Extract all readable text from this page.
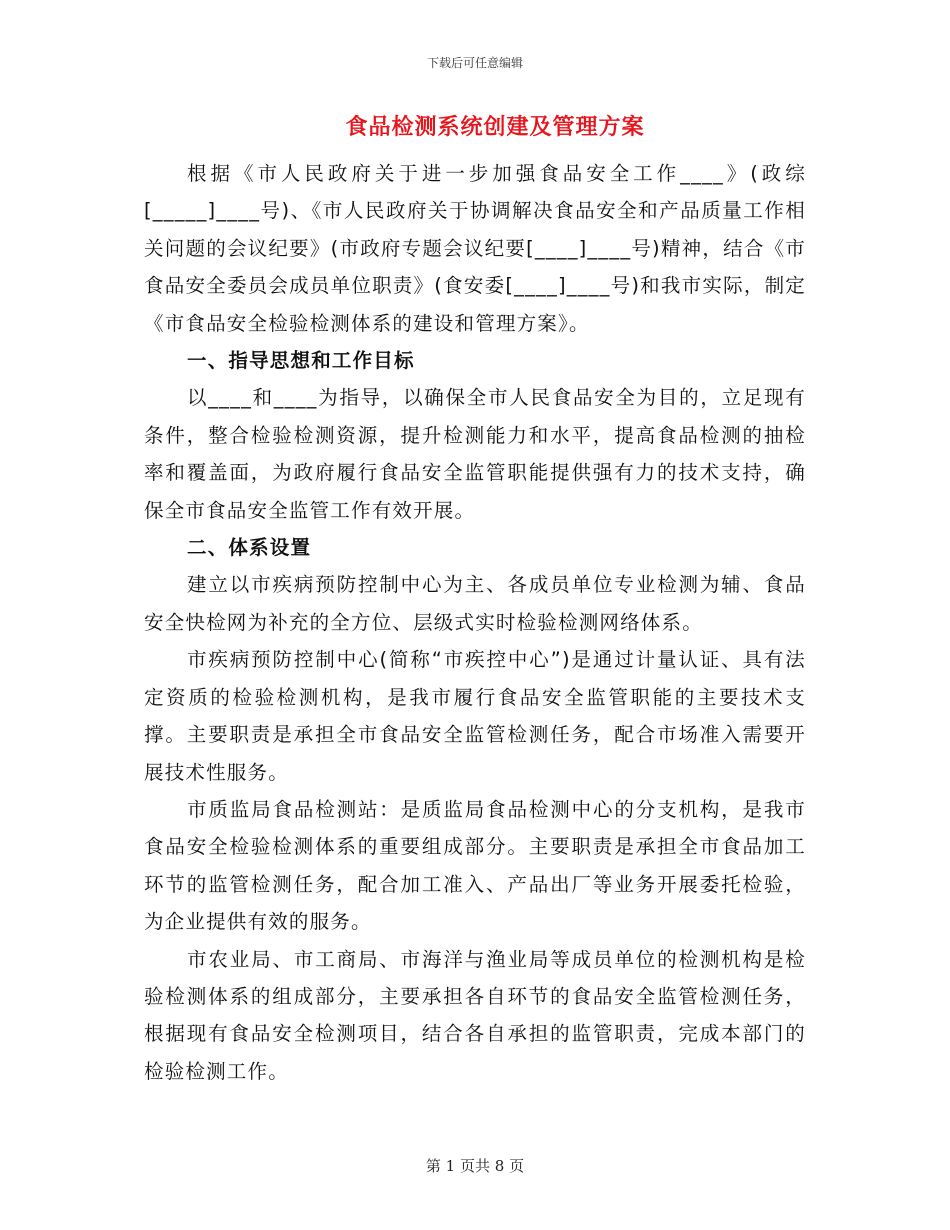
下载后可任意编辑
食品检测系统创建及管理方案

根据《市人民政府关于进一步加强食品安全工作____》(政综[_____]____号)、《市人民政府关于协调解决食品安全和产品质量工作相关问题的会议纪要》(市政府专题会议纪要[____]____号)精神，结合《市食品安全委员会成员单位职责》(食安委[____]____号)和我市实际，制定《市食品安全检验检测体系的建设和管理方案》。

一、指导思想和工作目标

以____和____为指导，以确保全市人民食品安全为目的，立足现有条件，整合检验检测资源，提升检测能力和水平，提高食品检测的抽检率和覆盖面，为政府履行食品安全监管职能提供强有力的技术支持，确保全市食品安全监管工作有效开展。

二、体系设置

建立以市疾病预防控制中心为主、各成员单位专业检测为辅、食品安全快检网为补充的全方位、层级式实时检验检测网络体系。

市疾病预防控制中心(简称“市疾控中心”)是通过计量认证、具有法定资质的检验检测机构，是我市履行食品安全监管职能的主要技术支撑。主要职责是承担全市食品安全监管检测任务，配合市场准入需要开展技术性服务。

市质监局食品检测站：是质监局食品检测中心的分支机构，是我市食品安全检验检测体系的重要组成部分。主要职责是承担全市食品加工环节的监管检测任务，配合加工准入、产品出厂等业务开展委托检验，为企业提供有效的服务。

市农业局、市工商局、市海洋与渔业局等成员单位的检测机构是检验检测体系的组成部分，主要承担各自环节的食品安全监管检测任务，根据现有食品安全检测项目，结合各自承担的监管职责，完成本部门的检验检测工作。

第 1 页共 8 页
